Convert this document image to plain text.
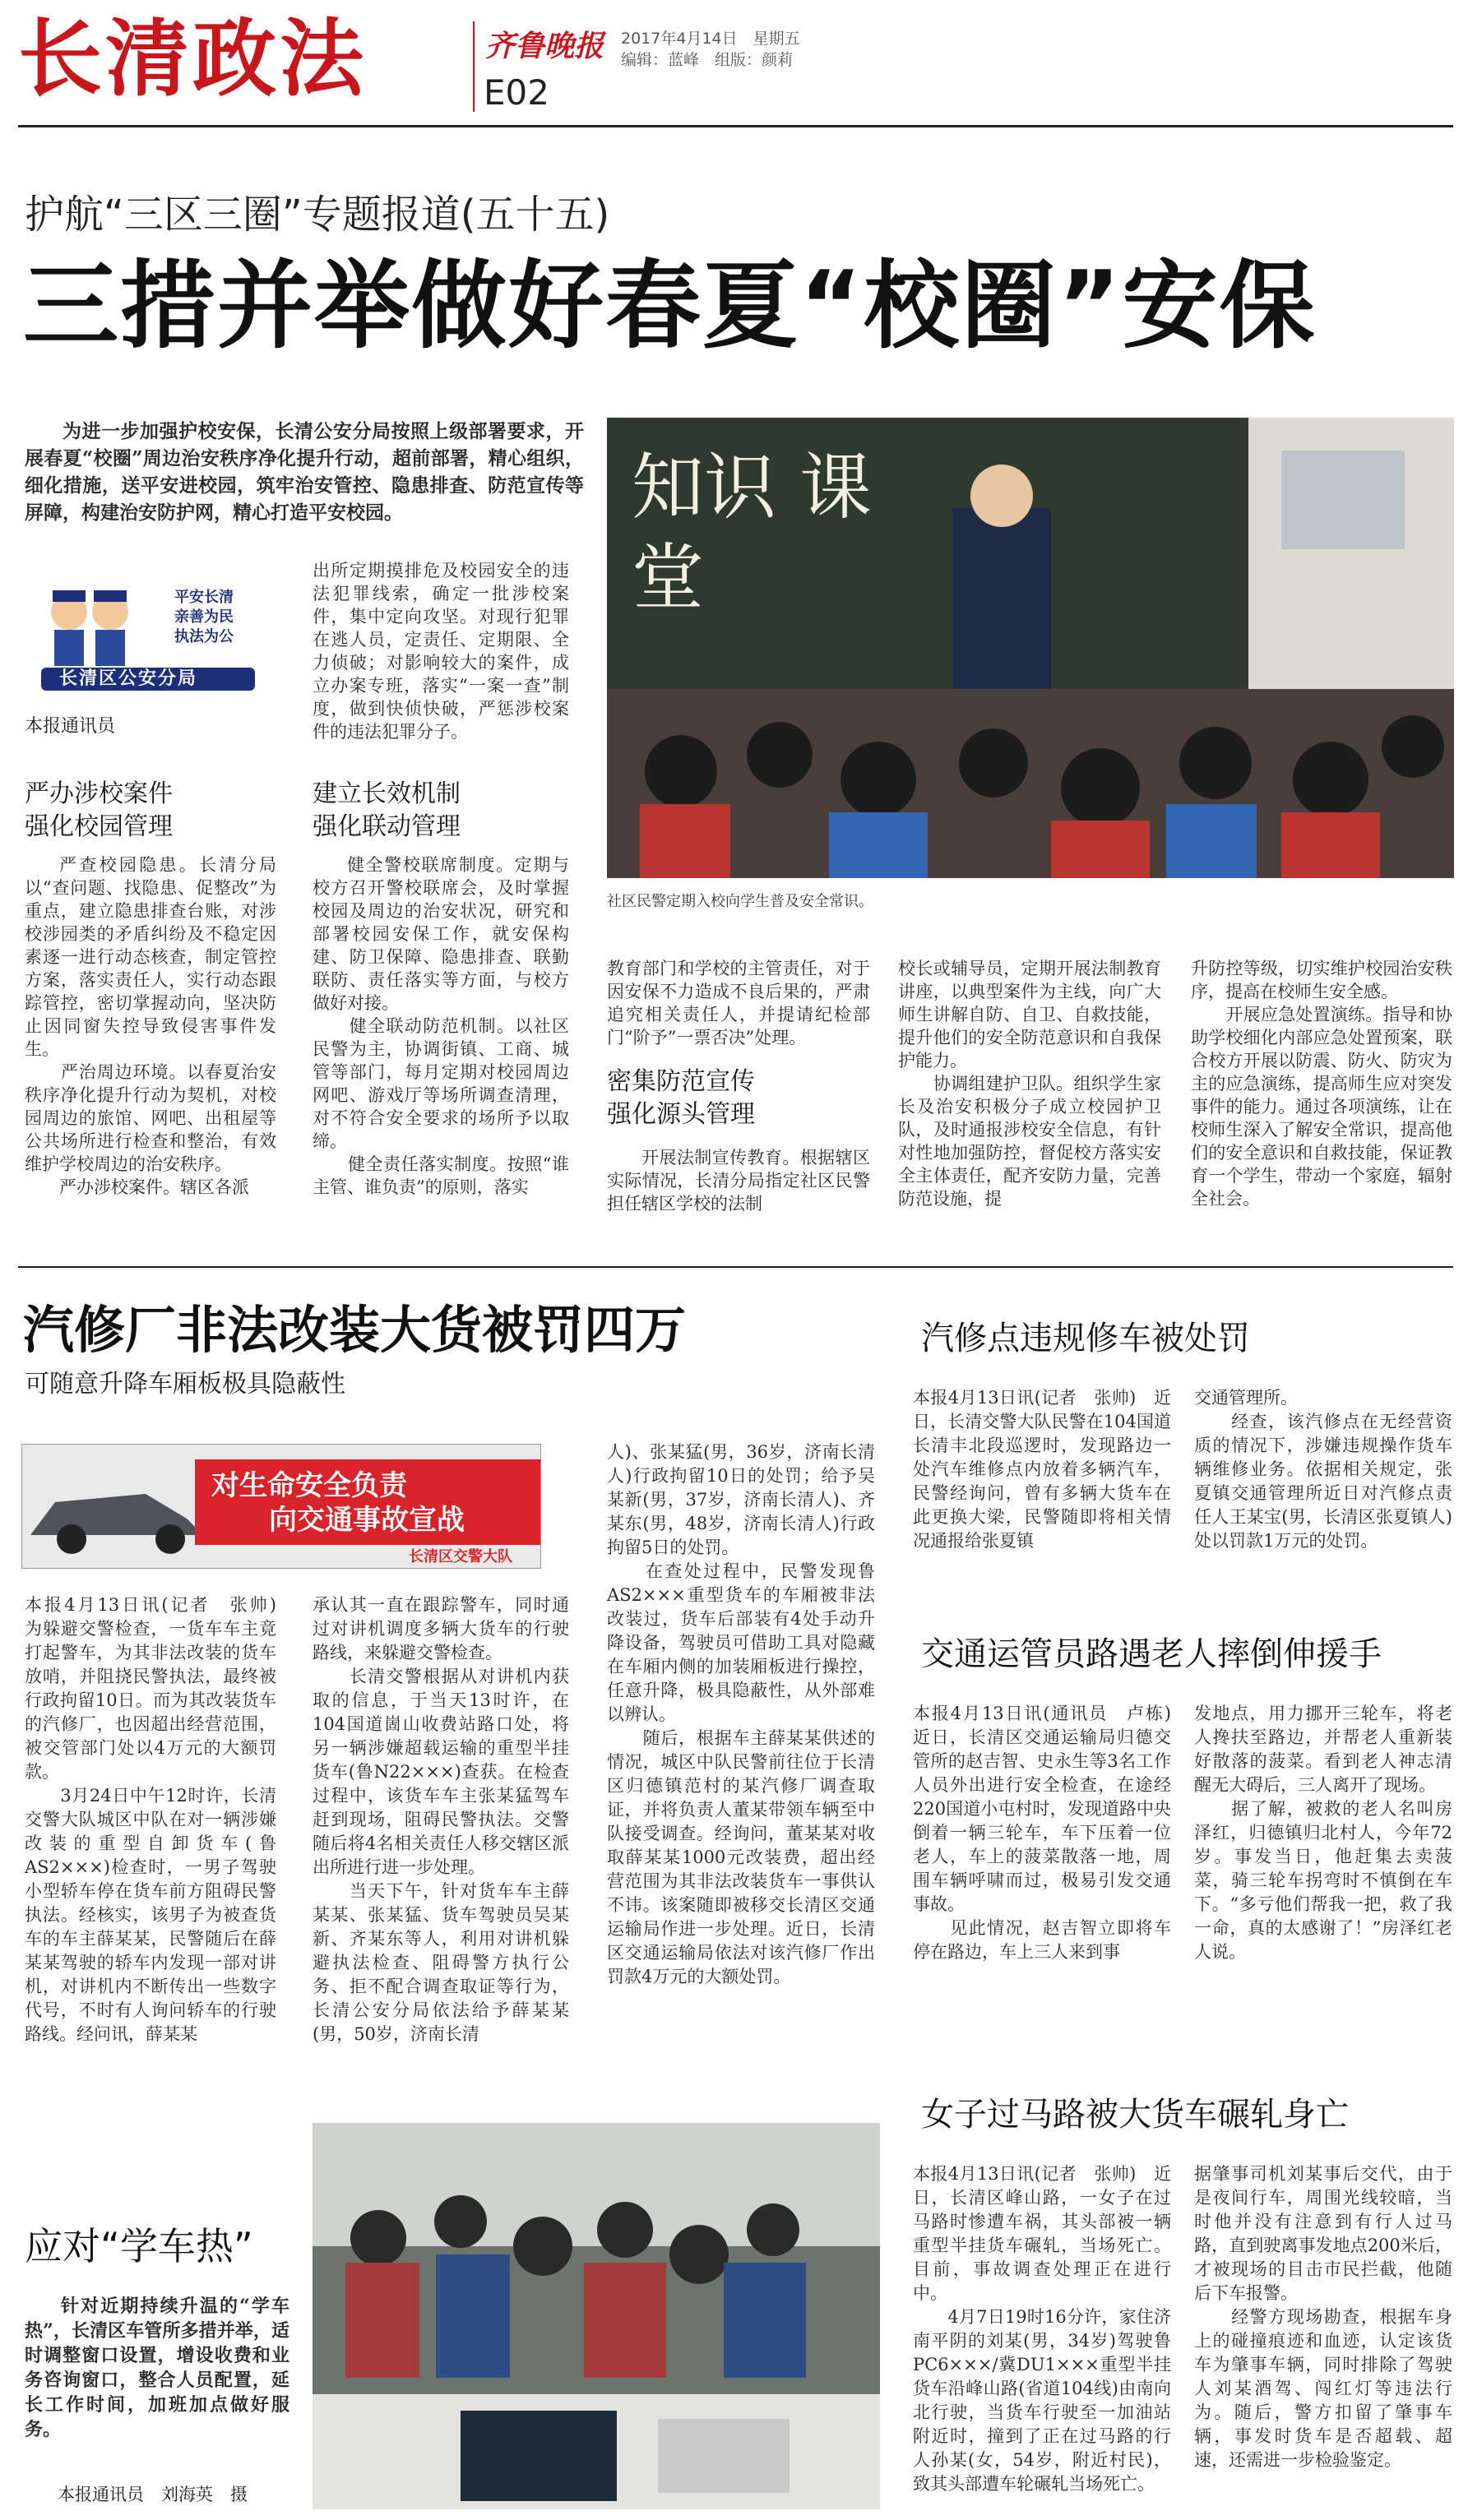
长清政法	齐鲁晚报 2017年4月14日　星期五
编辑：蓝峰　组版：颜莉
E02
护航“三区三圈”专题报道(五十五)
三措并举做好春夏“校圈”安保
为进一步加强护校安保，长清公安分局按照上级部署要求，开展春夏“校圈”周边治安秩序净化提升行动，超前部署，精心组织，细化措施，送平安进校园，筑牢治安管控、隐患排查、防范宣传等屏障，构建治安防护网，精心打造平安校园。
平安长清
亲善为民
执法为公
长清区公安分局
本报通讯员
严办涉校案件
强化校园管理
严查校园隐患。长清分局以“查问题、找隐患、促整改”为重点，建立隐患排查台账，对涉校涉园类的矛盾纠纷及不稳定因素逐一进行动态核查，制定管控方案，落实责任人，实行动态跟踪管控，密切掌握动向，坚决防止因同窗失控导致侵害事件发生。
　　严治周边环境。以春夏治安秩序净化提升行动为契机，对校园周边的旅馆、网吧、出租屋等公共场所进行检查和整治，有效维护学校周边的治安秩序。
　　严办涉校案件。辖区各派
出所定期摸排危及校园安全的违法犯罪线索，确定一批涉校案件，集中定向攻坚。对现行犯罪在逃人员，定责任、定期限、全力侦破；对影响较大的案件，成立办案专班，落实“一案一查”制度，做到快侦快破，严惩涉校案件的违法犯罪分子。
建立长效机制
强化联动管理
健全警校联席制度。定期与校方召开警校联席会，及时掌握校园及周边的治安状况，研究和部署校园安保工作，就安保构建、防卫保障、隐患排查、联勤联防、责任落实等方面，与校方做好对接。
　　健全联动防范机制。以社区民警为主，协调街镇、工商、城管等部门，每月定期对校园周边网吧、游戏厅等场所调查清理，对不符合安全要求的场所予以取缔。
　　健全责任落实制度。按照“谁主管、谁负责”的原则，落实
知识 课堂
社区民警定期入校向学生普及安全常识。
教育部门和学校的主管责任，对于因安保不力造成不良后果的，严肃追究相关责任人，并提请纪检部门“阶予”一票否决”处理。
密集防范宣传
强化源头管理
开展法制宣传教育。根据辖区实际情况，长清分局指定社区民警担任辖区学校的法制
校长或辅导员，定期开展法制教育讲座，以典型案件为主线，向广大师生讲解自防、自卫、自救技能，提升他们的安全防范意识和自我保护能力。
　　协调组建护卫队。组织学生家长及治安积极分子成立校园护卫队，及时通报涉校安全信息，有针对性地加强防控，督促校方落实安全主体责任，配齐安防力量，完善防范设施，提
升防控等级，切实维护校园治安秩序，提高在校师生安全感。
　　开展应急处置演练。指导和协助学校细化内部应急处置预案，联合校方开展以防震、防火、防灾为主的应急演练，提高师生应对突发事件的能力。通过各项演练，让在校师生深入了解安全常识，提高他们的安全意识和自救技能，保证教育一个学生，带动一个家庭，辐射全社会。
汽修厂非法改装大货被罚四万
可随意升降车厢板极具隐蔽性
对生命安全负责
向交通事故宣战
长清区交警大队
本报4月13日讯(记者　张帅)　为躲避交警检查，一货车车主竟打起警车，为其非法改装的货车放哨，并阻挠民警执法，最终被行政拘留10日。而为其改装货车的汽修厂，也因超出经营范围，被交管部门处以4万元的大额罚款。
　　3月24日中午12时许，长清交警大队城区中队在对一辆涉嫌改装的重型自卸货车(鲁AS2×××)检查时，一男子驾驶小型轿车停在货车前方阻碍民警执法。经核实，该男子为被查货车的车主薛某某，民警随后在薛某某驾驶的轿车内发现一部对讲机，对讲机内不断传出一些数字代号，不时有人询问轿车的行驶路线。经问讯，薛某某
承认其一直在跟踪警车，同时通过对讲机调度多辆大货车的行驶路线，来躲避交警检查。
　　长清交警根据从对讲机内获取的信息，于当天13时许，在104国道崮山收费站路口处，将另一辆涉嫌超载运输的重型半挂货车(鲁N22×××)查获。在检查过程中，该货车车主张某猛驾车赶到现场，阻碍民警执法。交警随后将4名相关责任人移交辖区派出所进行进一步处理。
　　当天下午，针对货车车主薛某某、张某猛、货车驾驶员吴某新、齐某东等人，利用对讲机躲避执法检查、阻碍警方执行公务、拒不配合调查取证等行为，长清公安分局依法给予薛某某(男，50岁，济南长清
人)、张某猛(男，36岁，济南长清人)行政拘留10日的处罚；给予吴某新(男，37岁，济南长清人)、齐某东(男，48岁，济南长清人)行政拘留5日的处罚。
　　在查处过程中，民警发现鲁AS2×××重型货车的车厢被非法改装过，货车后部装有4处手动升降设备，驾驶员可借助工具对隐藏在车厢内侧的加装厢板进行操控，任意升降，极具隐蔽性，从外部难以辨认。
　　随后，根据车主薛某某供述的情况，城区中队民警前往位于长清区归德镇范村的某汽修厂调查取证，并将负责人董某带领车辆至中队接受调查。经询问，董某某对收取薛某某1000元改装费，超出经营范围为其非法改装货车一事供认不讳。该案随即被移交长清区交通运输局作进一步处理。近日，长清区交通运输局依法对该汽修厂作出罚款4万元的大额处罚。
汽修点违规修车被处罚
本报4月13日讯(记者　张帅)　近日，长清交警大队民警在104国道长清丰北段巡逻时，发现路边一处汽车维修点内放着多辆汽车，民警经询问，曾有多辆大货车在此更换大梁，民警随即将相关情况通报给张夏镇
交通管理所。
　　经查，该汽修点在无经营资质的情况下，涉嫌违规操作货车辆维修业务。依据相关规定，张夏镇交通管理所近日对汽修点责任人王某宝(男，长清区张夏镇人)处以罚款1万元的处罚。
交通运管员路遇老人摔倒伸援手
本报4月13日讯(通讯员　卢栋)　近日，长清区交通运输局归德交管所的赵吉智、史永生等3名工作人员外出进行安全检查，在途经220国道小屯村时，发现道路中央倒着一辆三轮车，车下压着一位老人，车上的菠菜散落一地，周围车辆呼啸而过，极易引发交通事故。
　　见此情况，赵吉智立即将车停在路边，车上三人来到事
发地点，用力挪开三轮车，将老人搀扶至路边，并帮老人重新装好散落的菠菜。看到老人神志清醒无大碍后，三人离开了现场。
　　据了解，被救的老人名叫房泽红，归德镇归北村人，今年72岁。事发当日，他赶集去卖菠菜，骑三轮车拐弯时不慎倒在车下。“多亏他们帮我一把，救了我一命，真的太感谢了！”房泽红老人说。
女子过马路被大货车碾轧身亡
本报4月13日讯(记者　张帅)　近日，长清区峰山路，一女子在过马路时惨遭车祸，其头部被一辆重型半挂货车碾轧，当场死亡。目前，事故调查处理正在进行中。
　　4月7日19时16分许，家住济南平阴的刘某(男，34岁)驾驶鲁PC6×××/冀DU1×××重型半挂货车沿峰山路(省道104线)由南向北行驶，当货车行驶至一加油站附近时，撞到了正在过马路的行人孙某(女，54岁，附近村民)，致其头部遭车轮碾轧当场死亡。
据肇事司机刘某事后交代，由于是夜间行车，周围光线较暗，当时他并没有注意到有行人过马路，直到驶离事发地点200米后，才被现场的目击市民拦截，他随后下车报警。
　　经警方现场勘查，根据车身上的碰撞痕迹和血迹，认定该货车为肇事车辆，同时排除了驾驶人刘某酒驾、闯红灯等违法行为。随后，警方扣留了肇事车辆，事发时货车是否超载、超速，还需进一步检验鉴定。
应对“学车热”
针对近期持续升温的“学车热”，长清区车管所多措并举，适时调整窗口设置，增设收费和业务咨询窗口，整合人员配置，延长工作时间，加班加点做好服务。
本报通讯员　刘海英　摄
